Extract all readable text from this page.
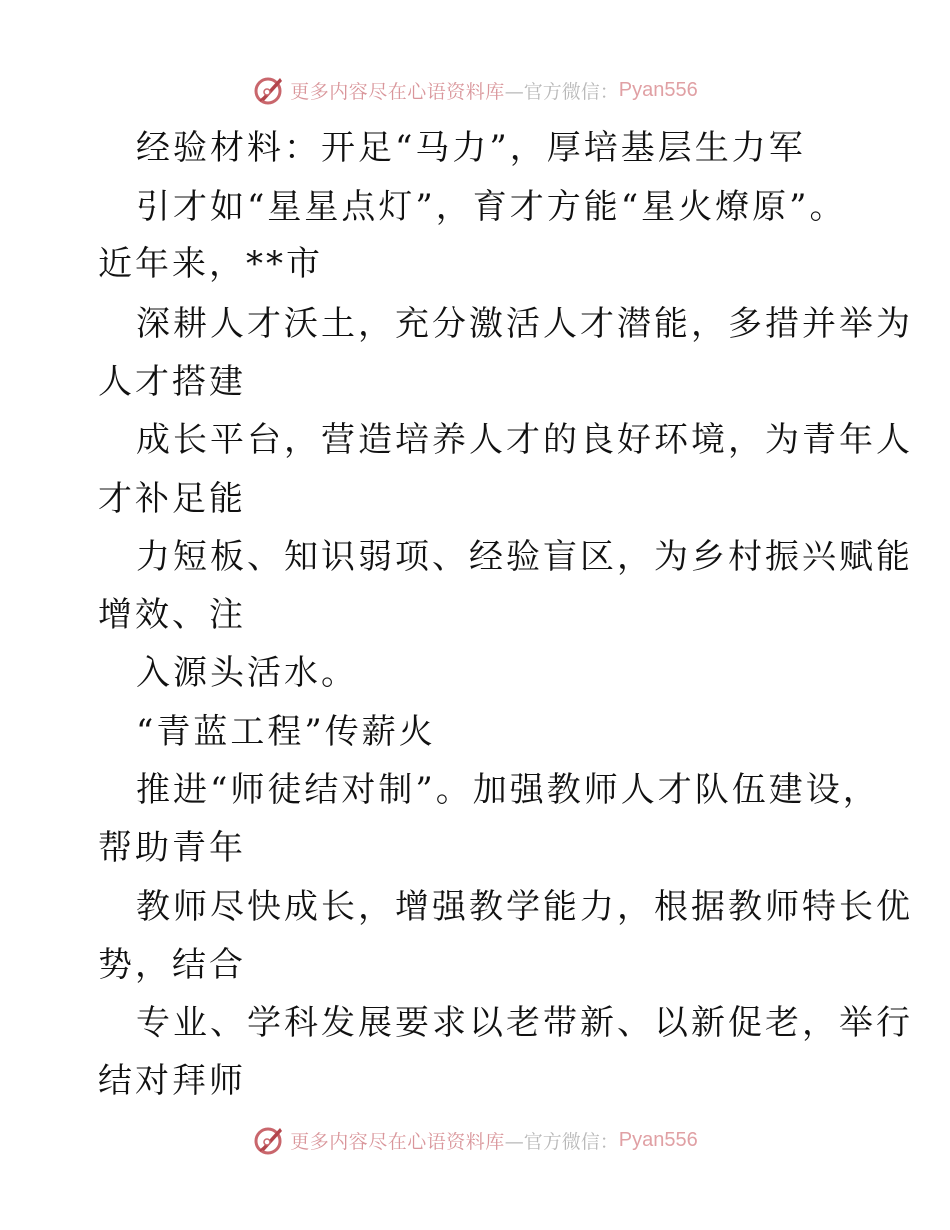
更多内容尽在心语资料库 —官方微信： Pyan556
经验材料：开足“马力”，厚培基层生力军
引才如“星星点灯”，育才方能“星火燎原”。
近年来，**市
深耕人才沃土，充分激活人才潜能，多措并举为
人才搭建
成长平台，营造培养人才的良好环境，为青年人
才补足能
力短板、知识弱项、经验盲区，为乡村振兴赋能
增效、注
入源头活水。
“青蓝工程”传薪火
推进“师徒结对制”。加强教师人才队伍建设，
帮助青年
教师尽快成长，增强教学能力，根据教师特长优
势，结合
专业、学科发展要求以老带新、以新促老，举行
结对拜师
更多内容尽在心语资料库 —官方微信： Pyan556
